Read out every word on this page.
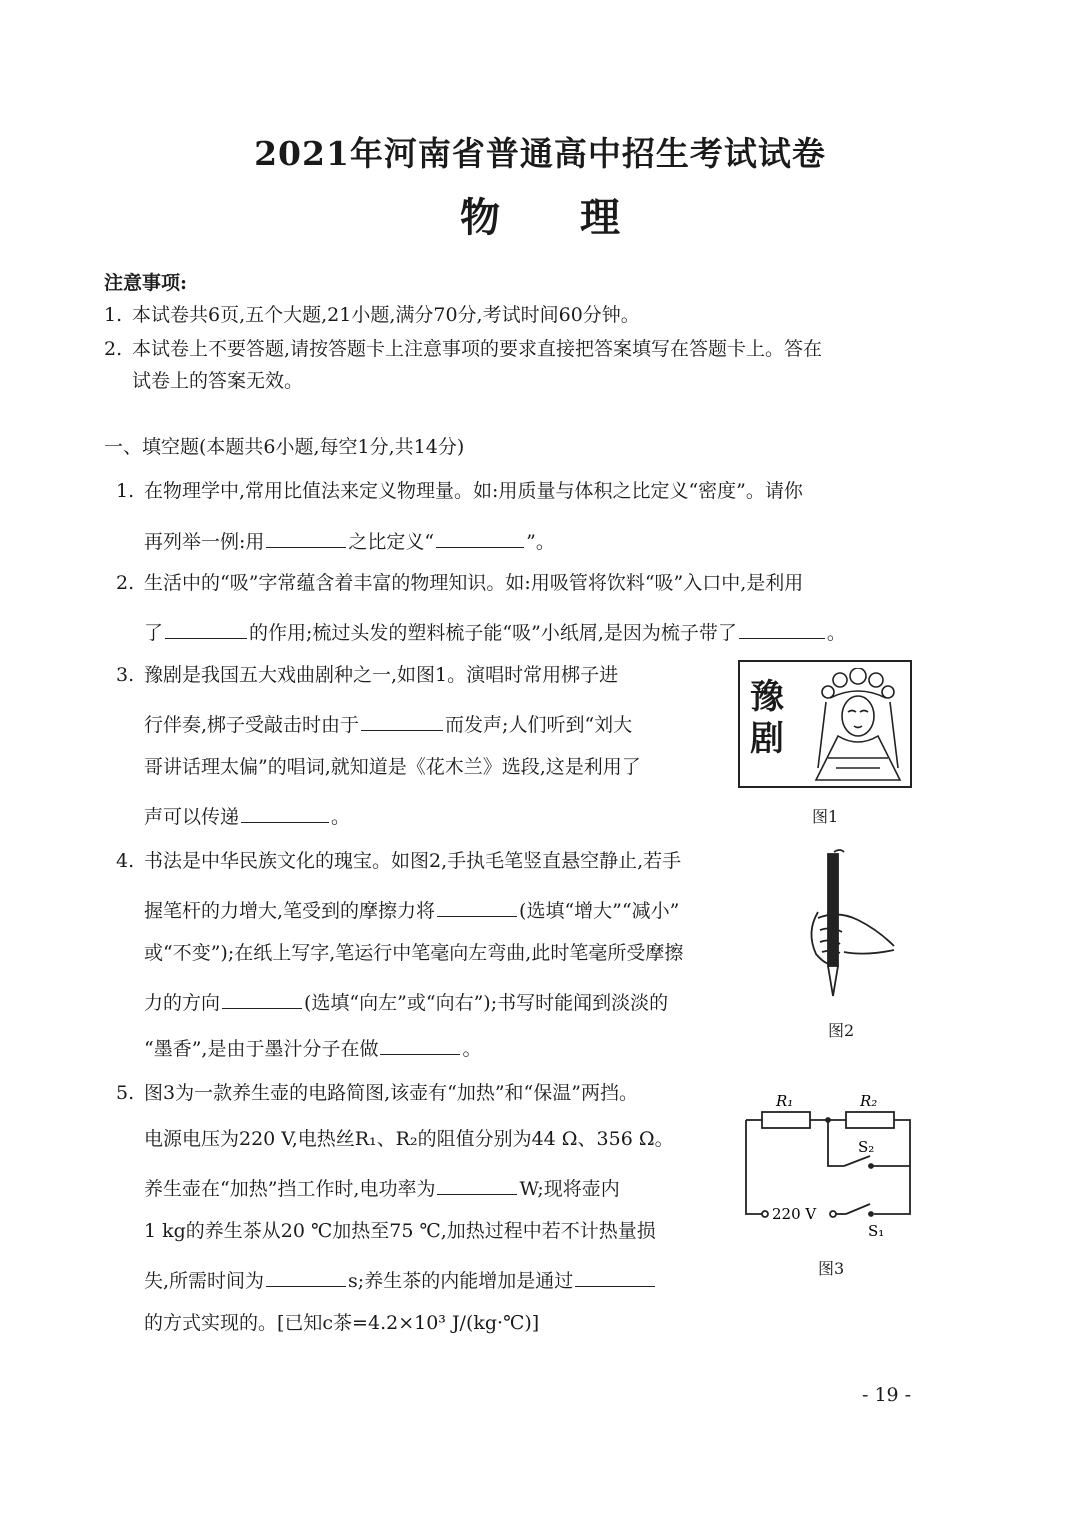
2021年河南省普通高中招生考试试卷
物理
注意事项:
1. 本试卷共6页,五个大题,21小题,满分70分,考试时间60分钟。
2. 本试卷上不要答题,请按答题卡上注意事项的要求直接把答案填写在答题卡上。答在
试卷上的答案无效。
一、填空题(本题共6小题,每空1分,共14分)
1. 在物理学中,常用比值法来定义物理量。如:用质量与体积之比定义“密度”。请你
再列举一例:用	之比定义“	”。
2. 生活中的“吸”字常蕴含着丰富的物理知识。如:用吸管将饮料“吸”入口中,是利用
了	的作用;梳过头发的塑料梳子能“吸”小纸屑,是因为梳子带了	。
3. 豫剧是我国五大戏曲剧种之一,如图1。演唱时常用梆子进
行伴奏,梆子受敲击时由于	而发声;人们听到“刘大
哥讲话理太偏”的唱词,就知道是《花木兰》选段,这是利用了
声可以传递	。
豫剧
图1
4. 书法是中华民族文化的瑰宝。如图2,手执毛笔竖直悬空静止,若手
握笔杆的力增大,笔受到的摩擦力将	(选填“增大”“减小”
或“不变”);在纸上写字,笔运行中笔毫向左弯曲,此时笔毫所受摩擦
力的方向	(选填“向左”或“向右”);书写时能闻到淡淡的
“墨香”,是由于墨汁分子在做	。
图2
5. 图3为一款养生壶的电路简图,该壶有“加热”和“保温”两挡。
电源电压为220 V,电热丝R₁、R₂的阻值分别为44 Ω、356 Ω。
养生壶在“加热”挡工作时,电功率为	W;现将壶内
1 kg的养生茶从20 ℃加热至75 ℃,加热过程中若不计热量损
失,所需时间为	s;养生茶的内能增加是通过
的方式实现的。[已知c茶=4.2×10³ J/(kg·℃)]
R₁	R₂
S₂
S₁
220 V
图3
- 19 -
